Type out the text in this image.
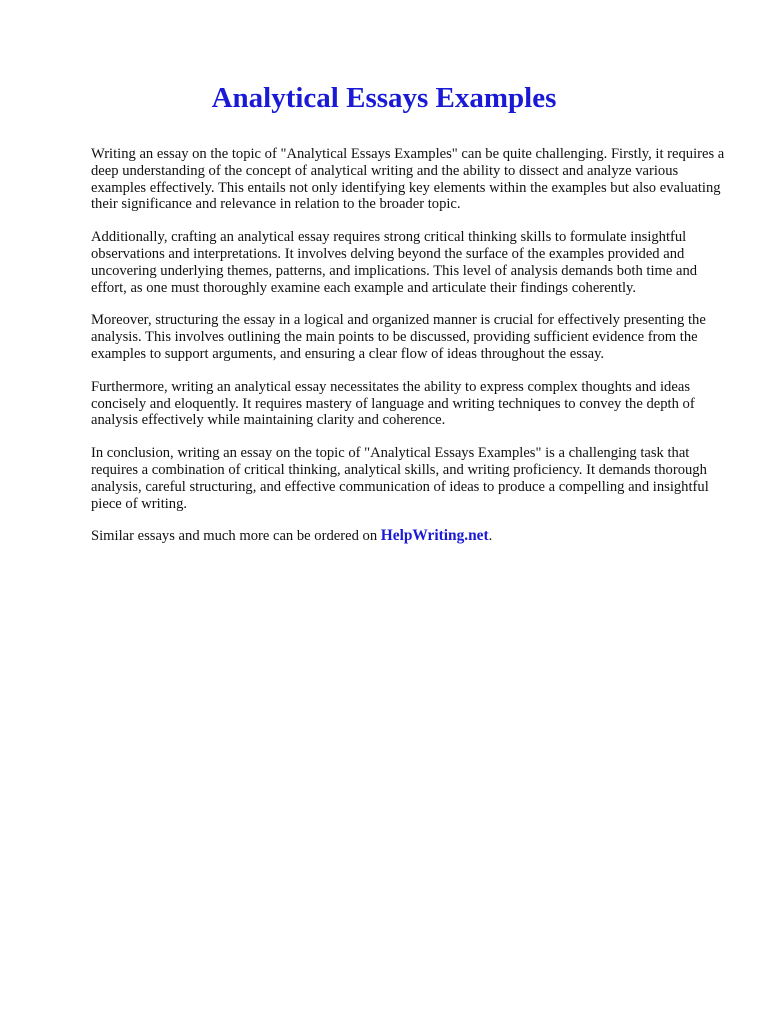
Analytical Essays Examples

Writing an essay on the topic of "Analytical Essays Examples" can be quite challenging. Firstly, it requires a deep understanding of the concept of analytical writing and the ability to dissect and analyze various examples effectively. This entails not only identifying key elements within the examples but also evaluating their significance and relevance in relation to the broader topic.

Additionally, crafting an analytical essay requires strong critical thinking skills to formulate insightful observations and interpretations. It involves delving beyond the surface of the examples provided and uncovering underlying themes, patterns, and implications. This level of analysis demands both time and effort, as one must thoroughly examine each example and articulate their findings coherently.

Moreover, structuring the essay in a logical and organized manner is crucial for effectively presenting the analysis. This involves outlining the main points to be discussed, providing sufficient evidence from the examples to support arguments, and ensuring a clear flow of ideas throughout the essay.

Furthermore, writing an analytical essay necessitates the ability to express complex thoughts and ideas concisely and eloquently. It requires mastery of language and writing techniques to convey the depth of analysis effectively while maintaining clarity and coherence.

In conclusion, writing an essay on the topic of "Analytical Essays Examples" is a challenging task that requires a combination of critical thinking, analytical skills, and writing proficiency. It demands thorough analysis, careful structuring, and effective communication of ideas to produce a compelling and insightful piece of writing.

Similar essays and much more can be ordered on HelpWriting.net.
